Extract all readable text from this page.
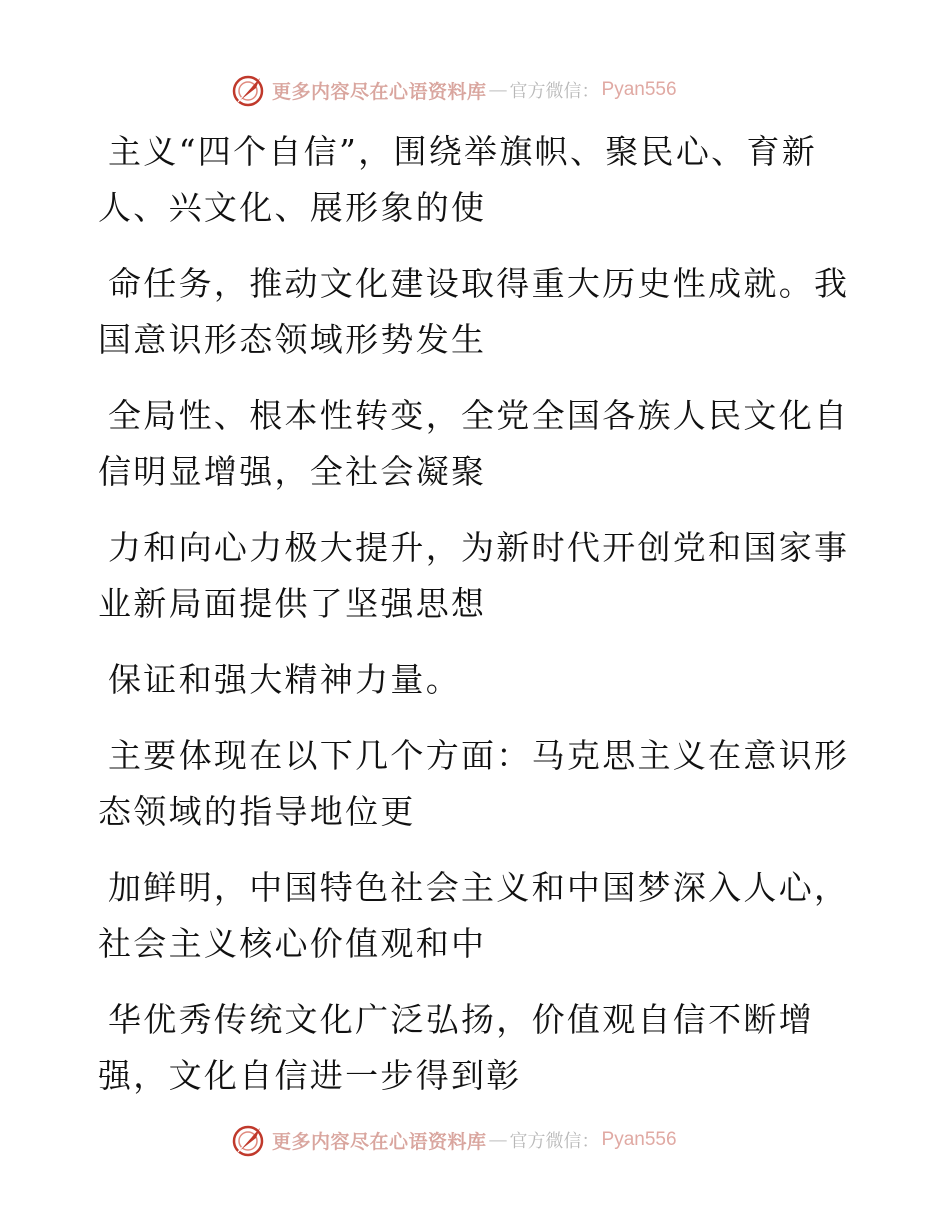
更多内容尽在心语资料库 — 官方微信： Pyan556

主义“四个自信”，围绕举旗帜、聚民心、育新
人、兴文化、展形象的使

命任务，推动文化建设取得重大历史性成就。我
国意识形态领域形势发生

全局性、根本性转变，全党全国各族人民文化自
信明显增强，全社会凝聚

力和向心力极大提升，为新时代开创党和国家事
业新局面提供了坚强思想

保证和强大精神力量。

主要体现在以下几个方面：马克思主义在意识形
态领域的指导地位更

加鲜明，中国特色社会主义和中国梦深入人心，
社会主义核心价值观和中

华优秀传统文化广泛弘扬，价值观自信不断增
强，文化自信进一步得到彰

更多内容尽在心语资料库 — 官方微信： Pyan556
